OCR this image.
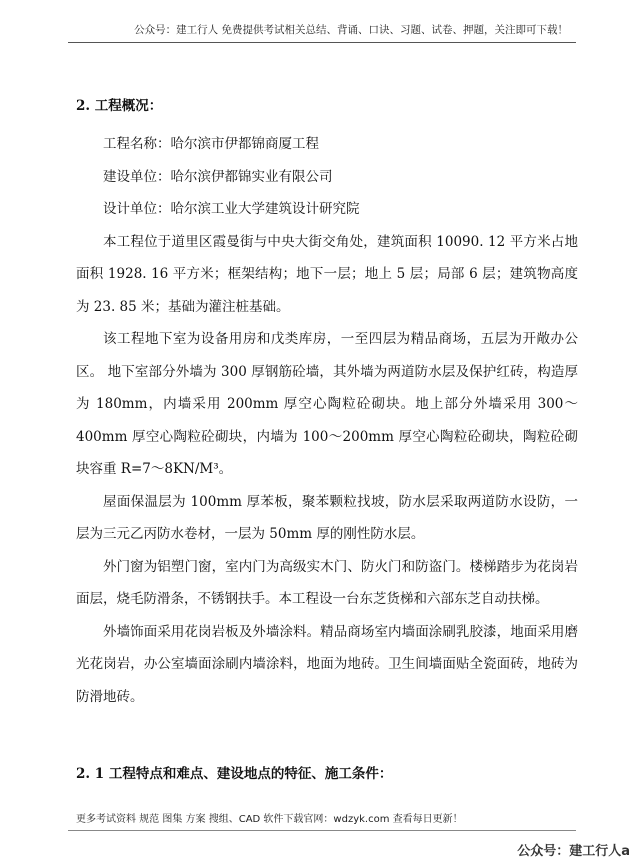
公众号：建工行人 免费提供考试相关总结、背诵、口诀、习题、试卷、押题，关注即可下载！

2. 工程概况：

工程名称：哈尔滨市伊都锦商厦工程

建设单位：哈尔滨伊都锦实业有限公司

设计单位：哈尔滨工业大学建筑设计研究院

本工程位于道里区霞曼街与中央大街交角处，建筑面积 10090. 12 平方米占地面积 1928. 16 平方米；框架结构；地下一层；地上 5 层；局部 6 层；建筑物高度为 23. 85 米；基础为灌注桩基础。

该工程地下室为设备用房和戊类库房，一至四层为精品商场，五层为开敞办公区。 地下室部分外墙为 300 厚钢筋砼墙，其外墙为两道防水层及保护红砖，构造厚为 180mm，内墙采用 200mm 厚空心陶粒砼砌块。地上部分外墙采用 300～400mm 厚空心陶粒砼砌块，内墙为 100～200mm 厚空心陶粒砼砌块，陶粒砼砌块容重 R=7～8KN/M³。

屋面保温层为 100mm 厚苯板，聚苯颗粒找坡，防水层采取两道防水设防，一层为三元乙丙防水卷材，一层为 50mm 厚的刚性防水层。

外门窗为铝塑门窗，室内门为高级实木门、防火门和防盗门。楼梯踏步为花岗岩面层，烧毛防滑条，不锈钢扶手。本工程设一台东芝货梯和六部东芝自动扶梯。

外墙饰面采用花岗岩板及外墙涂料。精品商场室内墙面涂刷乳胶漆，地面采用磨光花岗岩，办公室墙面涂刷内墙涂料，地面为地砖。卫生间墙面贴全瓷面砖，地砖为防滑地砖。

2. 1 工程特点和难点、建设地点的特征、施工条件：
更多考试资料 规范 图集 方案 搜组、CAD 软件下载官网：wdzyk.com 查看每日更新！
公众号：建工行人a
